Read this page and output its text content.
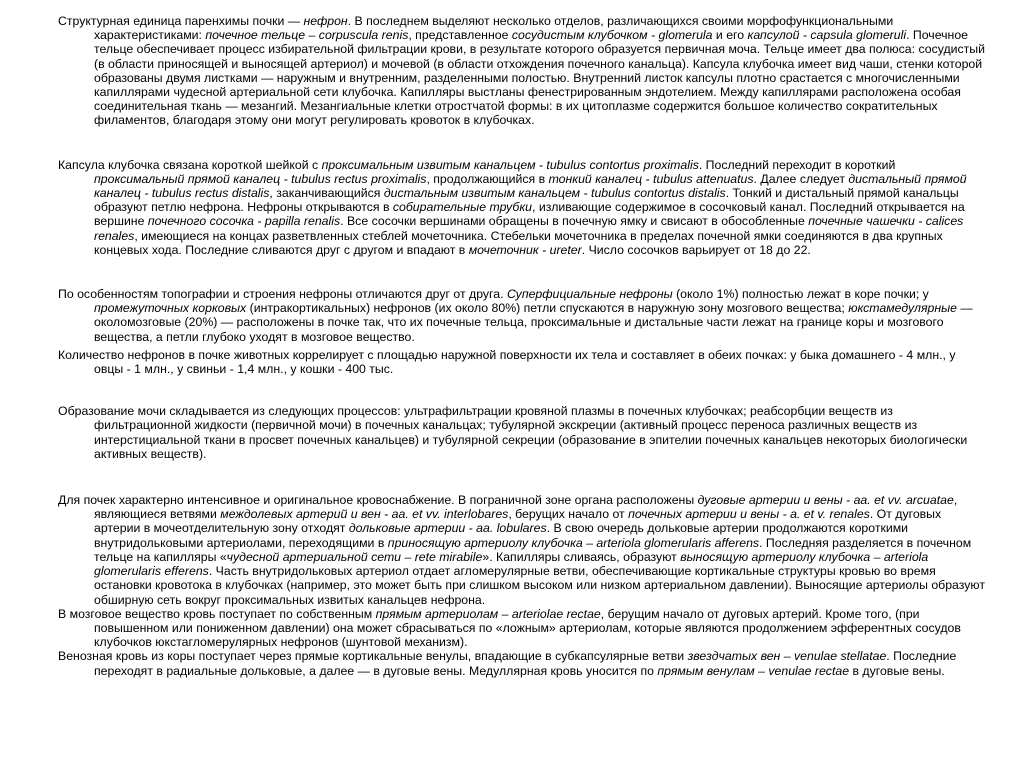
Структурная единица паренхимы почки — нефрон. В последнем выделяют несколько отделов, различающихся своими морфофункциональными характеристиками: почечное тельце – corpuscula renis, представленное сосудистым клубочком - glomerula и его капсулой - capsula glomeruli. Почечное тельце обеспечивает процесс избирательной фильтрации крови, в результате которого образуется первичная моча. Тельце имеет два полюса: сосудистый (в области приносящей и выносящей артериол) и мочевой (в области отхождения почечного канальца). Капсула клубочка имеет вид чаши, стенки которой образованы двумя листками — наружным и внутренним, разделенными полостью. Внутренний листок капсулы плотно срастается с многочисленными капиллярами чудесной артериальной сети клубочка. Капилляры выстланы фенестрированным эндотелием. Между капиллярами расположена особая соединительная ткань — мезангий. Мезангиальные клетки отростчатой формы: в их цитоплазме содержится большое количество сократительных филаментов, благодаря этому они могут регулировать кровоток в клубочках.

Капсула клубочка связана короткой шейкой с проксимальным извитым канальцем - tubulus contortus proximalis. Последний переходит в короткий проксимальный прямой каналец - tubulus rectus proximalis, продолжающийся в тонкий каналец - tubulus attenuatus. Далее следует дистальный прямой каналец - tubulus rectus distalis, заканчивающийся дистальным извитым канальцем - tubulus contortus distalis. Тонкий и дистальный прямой канальцы образуют петлю нефрона. Нефроны открываются в собирательные трубки, изливающие содержимое в сосочковый канал. Последний открывается на вершине почечного сосочка - papilla renalis. Все сосочки вершинами обращены в почечную ямку и свисают в обособленные почечные чашечки - calices renales, имеющиеся на концах разветвленных стеблей мочеточника. Стебельки мочеточника в пределах почечной ямки соединяются в два крупных концевых хода. Последние сливаются друг с другом и впадают в мочеточник - ureter. Число сосочков варьирует от 18 до 22.

По особенностям топографии и строения нефроны отличаются друг от друга. Суперфициальные нефроны (около 1%) полностью лежат в коре почки; у промежуточных корковых (интракортикальных) нефронов (их около 80%) петли спускаются в наружную зону мозгового вещества; юкстамедулярные — околомозговые (20%) — расположены в почке так, что их почечные тельца, проксимальные и дистальные части лежат на границе коры и мозгового вещества, а петли глубоко уходят в мозговое вещество.

Количество нефронов в почке животных коррелирует с площадью наружной поверхности их тела и составляет в обеих почках: у быка домашнего - 4 млн., у овцы - 1 млн., у свиньи - 1,4 млн., у кошки - 400 тыс.

Образование мочи складывается из следующих процессов: ультрафильтрации кровяной плазмы в почечных клубочках; реабсорбции веществ из фильтрационной жидкости (первичной мочи) в почечных канальцах; тубулярной экскреции (активный процесс переноса различных веществ из интерстициальной ткани в просвет почечных канальцев) и тубулярной секреции (образование в эпителии почечных канальцев некоторых биологически активных веществ).

Для почек характерно интенсивное и оригинальное кровоснабжение. В пограничной зоне органа расположены дуговые артерии и вены - aa. et vv. arcuatae, являющиеся ветвями междолевых артерий и вен - aa. et vv. interlobares, берущих начало от почечных артерии и вены - a. et v. renales. От дуговых артерии в мочеотделительную зону отходят дольковые артерии - aa. lobulares. В свою очередь дольковые артерии продолжаются короткими внутридольковыми артериолами, переходящими в приносящую артериолу клубочка – arteriola glomerularis afferens. Последняя разделяется в почечном тельце на капилляры «чудесной артериальной сети – rete mirabile». Капилляры сливаясь, образуют выносящую артериолу клубочка – arteriola glomerularis efferens. Часть внутридольковых артериол отдает агломерулярные ветви, обеспечивающие кортикальные структуры кровью во время остановки кровотока в клубочках (например, это может быть при слишком высоком или низком артериальном давлении). Выносящие артериолы образуют обширную сеть вокруг проксимальных извитых канальцев нефрона.

В мозговое вещество кровь поступает по собственным прямым артериолам – arteriolae rectae, берущим начало от дуговых артерий. Кроме того, (при повышенном или пониженном давлении) она может сбрасываться по «ложным» артериолам, которые являются продолжением эфферентных сосудов клубочков юкстагломерулярных нефронов (шунтовой механизм).

Венозная кровь из коры поступает через прямые кортикальные венулы, впадающие в субкапсулярные ветви звездчатых вен – venulae stellatae. Последние переходят в радиальные дольковые, а далее — в дуговые вены. Медуллярная кровь уносится по прямым венулам – venulae rectae в дуговые вены.
